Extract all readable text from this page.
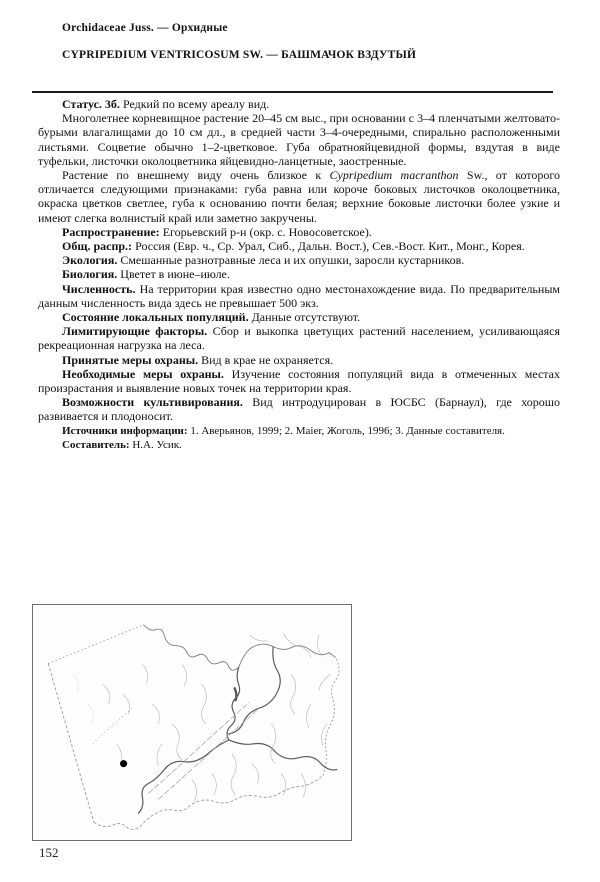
Orchidaceae Juss. — Орхидные

CYPRIPEDIUM VENTRICOSUM SW. — БАШМАЧОК ВЗДУТЫЙ

Статус. 3б. Редкий по всему ареалу вид.

Многолетнее корневищное растение 20–45 см выс., при основании с 3–4 пленчатыми желтовато-бурыми влагалищами до 10 см дл., в средней части 3–4-очередными, спирально расположенными листьями. Соцветие обычно 1–2-цветковое. Губа обратнояйцевидной формы, вздутая в виде туфельки, листочки околоцветника яйцевидно-ланцетные, заостренные.

Растение по внешнему виду очень близкое к Cypripedium macranthon Sw., от которого отличается следующими признаками: губа равна или короче боковых листочков околоцветника, окраска цветков светлее, губа к основанию почти белая; верхние боковые листочки более узкие и имеют слегка волнистый край или заметно закручены.

Распространение: Егорьевский р-н (окр. с. Новосоветское).

Общ. распр.: Россия (Евр. ч., Ср. Урал, Сиб., Дальн. Вост.), Сев.-Вост. Кит., Монг., Корея.

Экология. Смешанные разнотравные леса и их опушки, заросли кустарников.

Биология. Цветет в июне–июле.

Численность. На территории края известно одно местонахождение вида. По предварительным данным численность вида здесь не превышает 500 экз.

Состояние локальных популяций. Данные отсутствуют.

Лимитирующие факторы. Сбор и выкопка цветущих растений населением, усиливающаяся рекреационная нагрузка на леса.

Принятые меры охраны. Вид в крае не охраняется.

Необходимые меры охраны. Изучение состояния популяций вида в отмеченных местах произрастания и выявление новых точек на территории края.

Возможности культивирования. Вид интродуцирован в ЮСБС (Барнаул), где хорошо развивается и плодоносит.

Источники информации: 1. Аверьянов, 1999; 2. Maier, Жоголь, 1996; 3. Данные составителя.

Составитель: Н.А. Усик.

152
